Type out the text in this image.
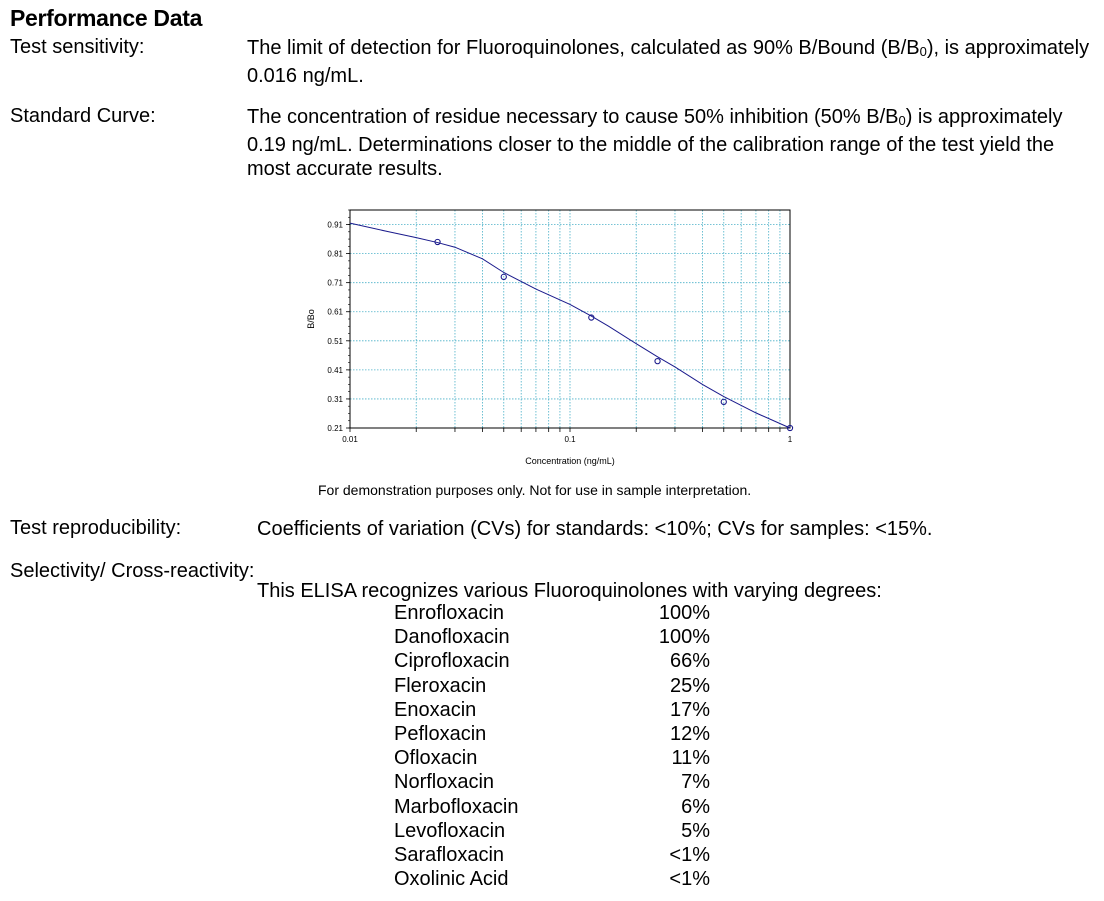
Performance Data
Test sensitivity:	The limit of detection for Fluoroquinolones, calculated as 90% B/Bound (B/B0), is approximately
0.016 ng/mL.
Standard Curve:	The concentration of residue necessary to cause 50% inhibition (50% B/B0) is approximately
0.19 ng/mL. Determinations closer to the middle of the calibration range of the test yield the
most accurate results.
0.91
0.81
0.71
0.61
0.51
0.41
0.31
0.21
0.01	0.1	1
Concentration (ng/mL)
B/Bo
For demonstration purposes only. Not for use in sample interpretation.
Test reproducibility:	Coefficients of variation (CVs) for standards: <10%; CVs for samples: <15%.
Selectivity/ Cross-reactivity:
This ELISA recognizes various Fluoroquinolones with varying degrees:
Enrofloxacin	100%
Danofloxacin	100%
Ciprofloxacin	66%
Fleroxacin	25%
Enoxacin	17%
Pefloxacin	12%
Ofloxacin	11%
Norfloxacin	7%
Marbofloxacin	6%
Levofloxacin	5%
Sarafloxacin	<1%
Oxolinic Acid	<1%
